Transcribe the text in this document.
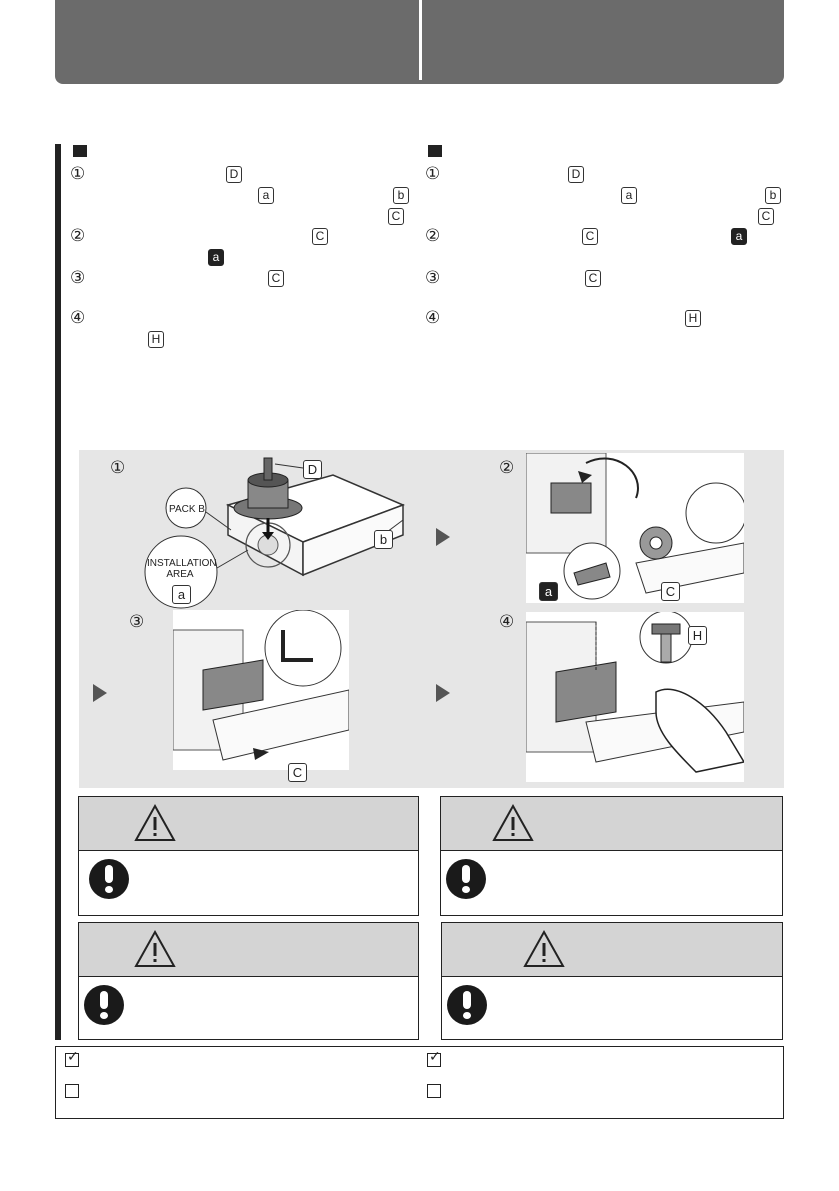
①	D
a	b
C
②	C
a
③	C
④
H
①	D
a	b
C
②	C	a
③	C
④	H
①
PACK B
INSTALLATION AREA
D
b
a
②
a	C
③
C
④
H
✓	✓
